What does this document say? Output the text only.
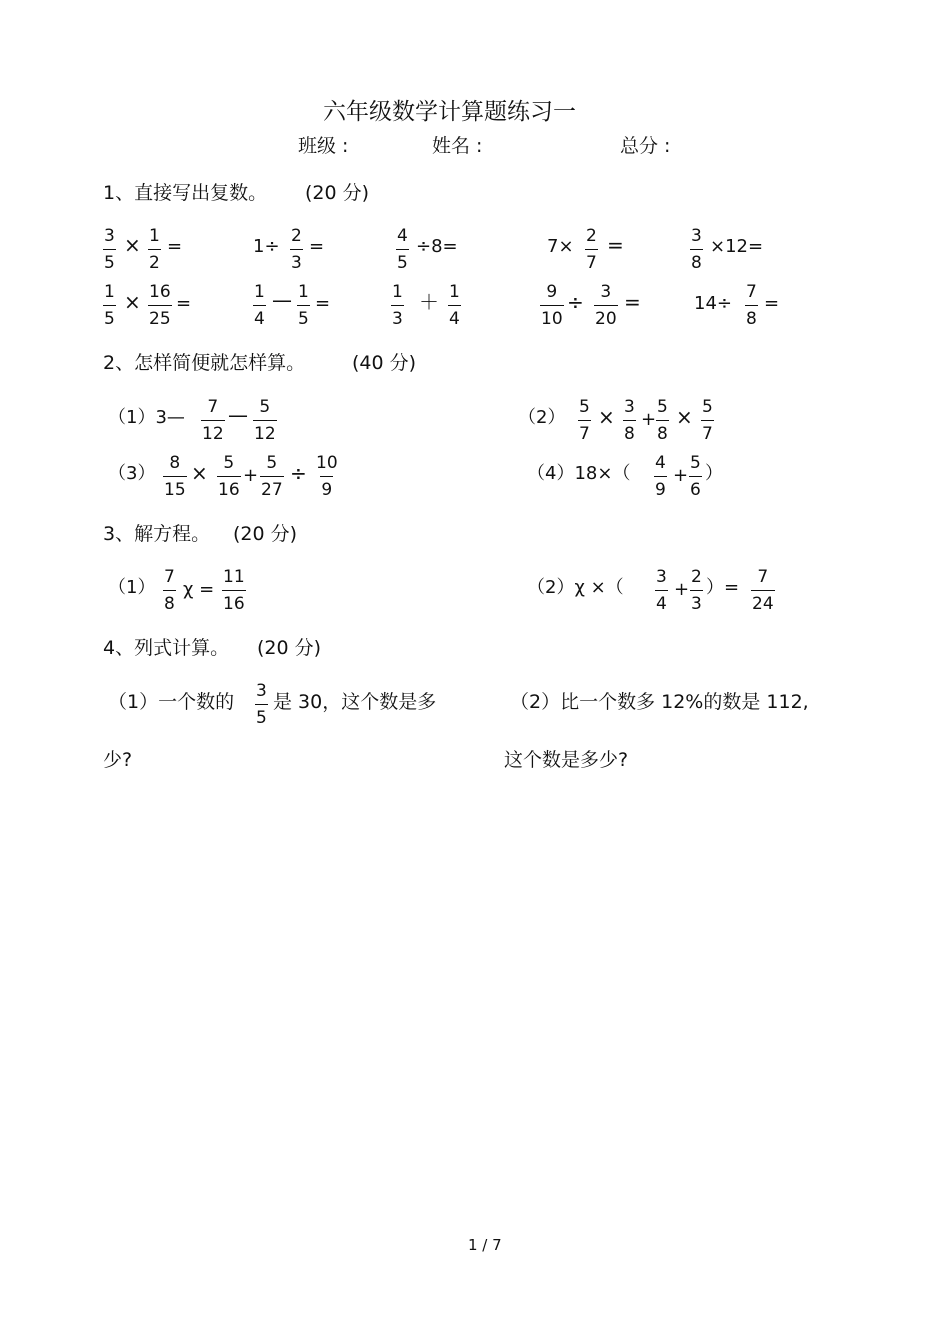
六年级数学计算题练习一
班级 :	姓名 :	总分 :
1、直接写出复数。 (20 分)
$\frac{3}{5} \times \frac{1}{2}$ =	$1\div \frac{2}{3}$ =	$\frac{4}{5} \div 8=$	$7\times \frac{2}{7}$ =	$\frac{3}{8} \times 12=$
$\frac{1}{5} \times \frac{16}{25}$ =	$\frac{1}{4}$ — $\frac{1}{5}$ =	$\frac{1}{3} + \frac{1}{4}$	$\frac{9}{10} \div \frac{3}{20}$ =	$14\div \frac{7}{8}$ =
2、怎样简便就怎样算。 (40 分)
（1）3— $\frac{7}{12}$ — $\frac{5}{12}$	$(2) \frac{5}{7} \times \frac{3}{8} + \frac{5}{8} \times \frac{5}{7}$
$(3) \frac{8}{15} \times \frac{5}{16} + \frac{5}{27} \div \frac{10}{9}$	$(4)18\times( \frac{4}{9} + \frac{5}{6}$ ）
3、解方程。 (20 分)
$(1) \frac{7}{8}$ $\chi = \frac{11}{16}$	（2）χ ×（ $\frac{3}{4} + \frac{2}{3}$ ）= $\frac{7}{24}$
4、列式计算。 (20 分)
（1）一个数的 $\frac{3}{5}$ 是 30，这个数是多
少?
（2）比一个数多 12%的数是 112,
这个数是多少?
1 / 7
